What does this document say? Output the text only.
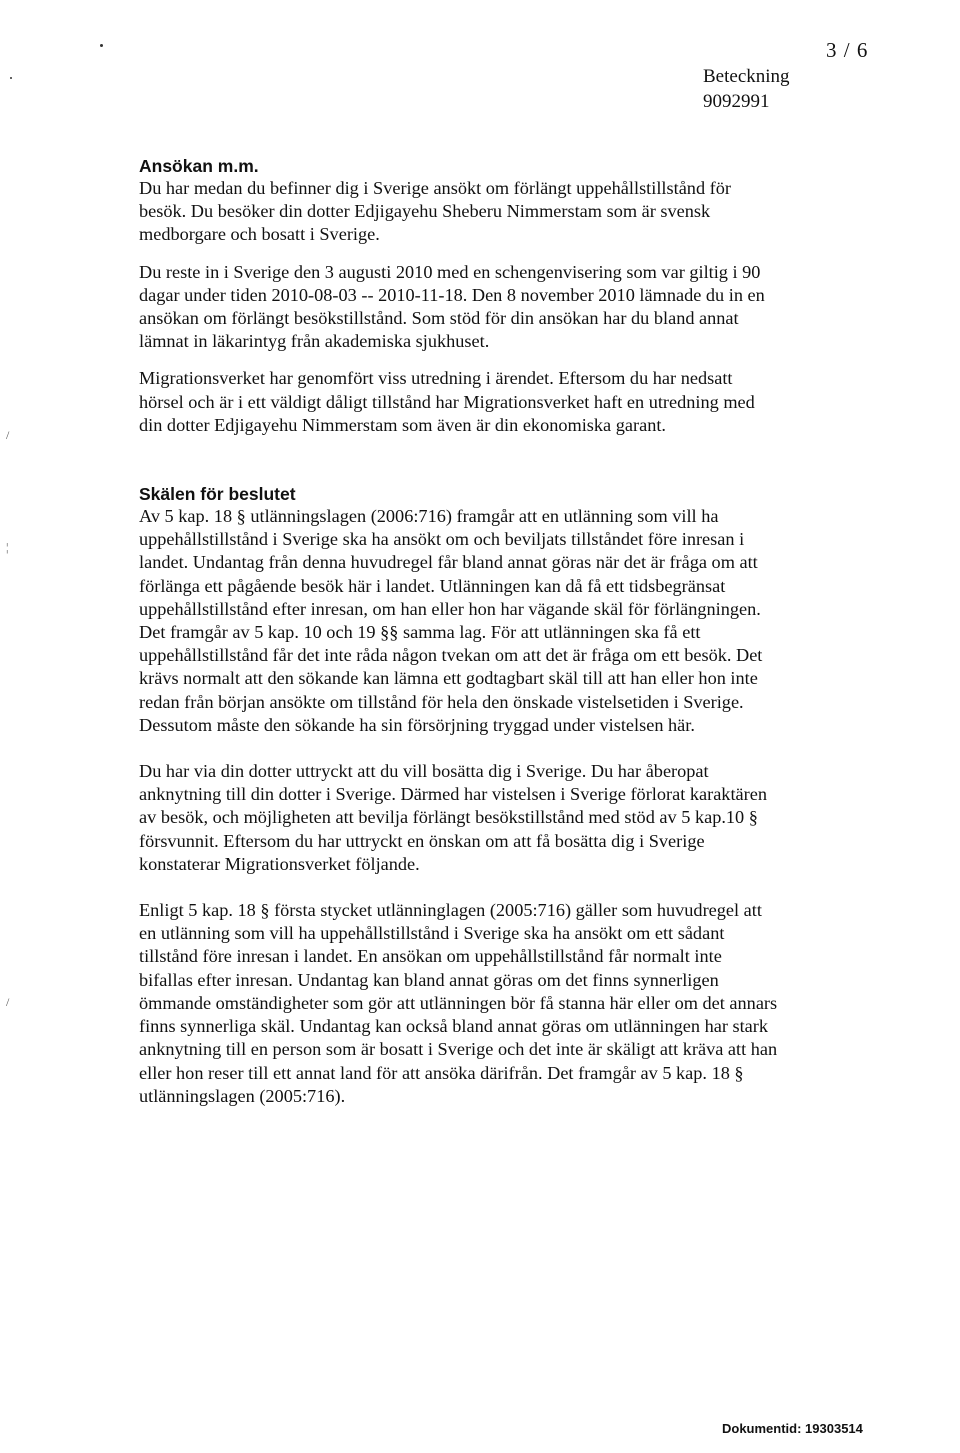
/
¦
/
3 / 6
Beteckning
9092991
Ansökan m.m.

Du har medan du befinner dig i Sverige ansökt om förlängt uppehållstillstånd för besök. Du besöker din dotter Edjigayehu Sheberu Nimmerstam som är svensk medborgare och bosatt i Sverige.

Du reste in i Sverige den 3 augusti 2010 med en schengenvisering som var giltig i 90 dagar under tiden 2010-08-03 -- 2010-11-18. Den 8 november 2010 lämnade du in en ansökan om förlängt besökstillstånd. Som stöd för din ansökan har du bland annat lämnat in läkarintyg från akademiska sjukhuset.

Migrationsverket har genomfört viss utredning i ärendet. Eftersom du har nedsatt hörsel och är i ett väldigt dåligt tillstånd har Migrationsverket haft en utredning med din dotter Edjigayehu Nimmerstam som även är din ekonomiska garant.

Skälen för beslutet

Av 5 kap. 18 § utlänningslagen (2006:716) framgår att en utlänning som vill ha uppehållstillstånd i Sverige ska ha ansökt om och beviljats tillståndet före inresan i landet. Undantag från denna huvudregel får bland annat göras när det är fråga om att förlänga ett pågående besök här i landet. Utlänningen kan då få ett tidsbegränsat uppehållstillstånd efter inresan, om han eller hon har vägande skäl för förlängningen. Det framgår av 5 kap. 10 och 19 §§ samma lag. För att utlänningen ska få ett uppehållstillstånd får det inte råda någon tvekan om att det är fråga om ett besök. Det krävs normalt att den sökande kan lämna ett godtagbart skäl till att han eller hon inte redan från början ansökte om tillstånd för hela den önskade vistelsetiden i Sverige. Dessutom måste den sökande ha sin försörjning tryggad under vistelsen här.

Du har via din dotter uttryckt att du vill bosätta dig i Sverige. Du har åberopat anknytning till din dotter i Sverige. Därmed har vistelsen i Sverige förlorat karaktären av besök, och möjligheten att bevilja förlängt besökstillstånd med stöd av 5 kap.10 § försvunnit. Eftersom du har uttryckt en önskan om att få bosätta dig i Sverige konstaterar Migrationsverket följande.

Enligt 5 kap. 18 § första stycket utlänninglagen (2005:716) gäller som huvudregel att en utlänning som vill ha uppehållstillstånd i Sverige ska ha ansökt om ett sådant tillstånd före inresan i landet. En ansökan om uppehållstillstånd får normalt inte bifallas efter inresan. Undantag kan bland annat göras om det finns synnerligen ömmande omständigheter som gör att utlänningen bör få stanna här eller om det annars finns synnerliga skäl. Undantag kan också bland annat göras om utlänningen har stark anknytning till en person som är bosatt i Sverige och det inte är skäligt att kräva att han eller hon reser till ett annat land för att ansöka därifrån. Det framgår av 5 kap. 18 § utlänningslagen (2005:716).

Dokumentid: 19303514
